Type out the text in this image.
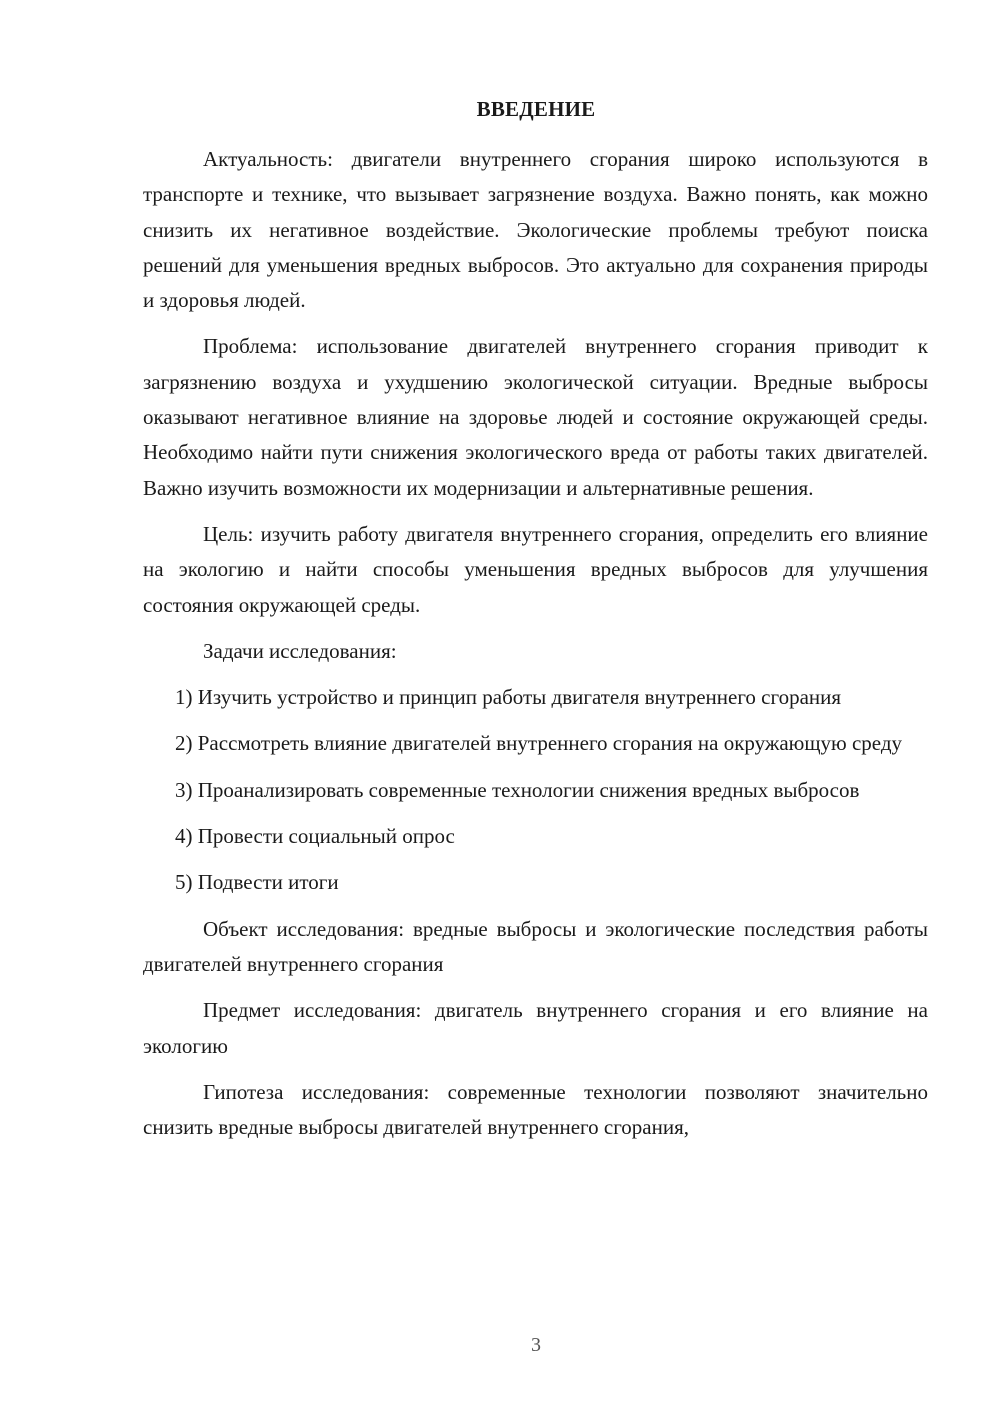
ВВЕДЕНИЕ

Актуальность: двигатели внутреннего сгорания широко используются в транспорте и технике, что вызывает загрязнение воздуха. Важно понять, как можно снизить их негативное воздействие. Экологические проблемы требуют поиска решений для уменьшения вредных выбросов. Это актуально для сохранения природы и здоровья людей.

Проблема: использование двигателей внутреннего сгорания приводит к загрязнению воздуха и ухудшению экологической ситуации. Вредные выбросы оказывают негативное влияние на здоровье людей и состояние окружающей среды. Необходимо найти пути снижения экологического вреда от работы таких двигателей. Важно изучить возможности их модернизации и альтернативные решения.

Цель: изучить работу двигателя внутреннего сгорания, определить его влияние на экологию и найти способы уменьшения вредных выбросов для улучшения состояния окружающей среды.

Задачи исследования:

1) Изучить устройство и принцип работы двигателя внутреннего сгорания

2) Рассмотреть влияние двигателей внутреннего сгорания на окружающую среду

3) Проанализировать современные технологии снижения вредных выбросов

4) Провести социальный опрос

5) Подвести итоги

Объект исследования: вредные выбросы и экологические последствия работы двигателей внутреннего сгорания

Предмет исследования: двигатель внутреннего сгорания и его влияние на экологию

Гипотеза исследования: современные технологии позволяют значительно снизить вредные выбросы двигателей внутреннего сгорания,

3
